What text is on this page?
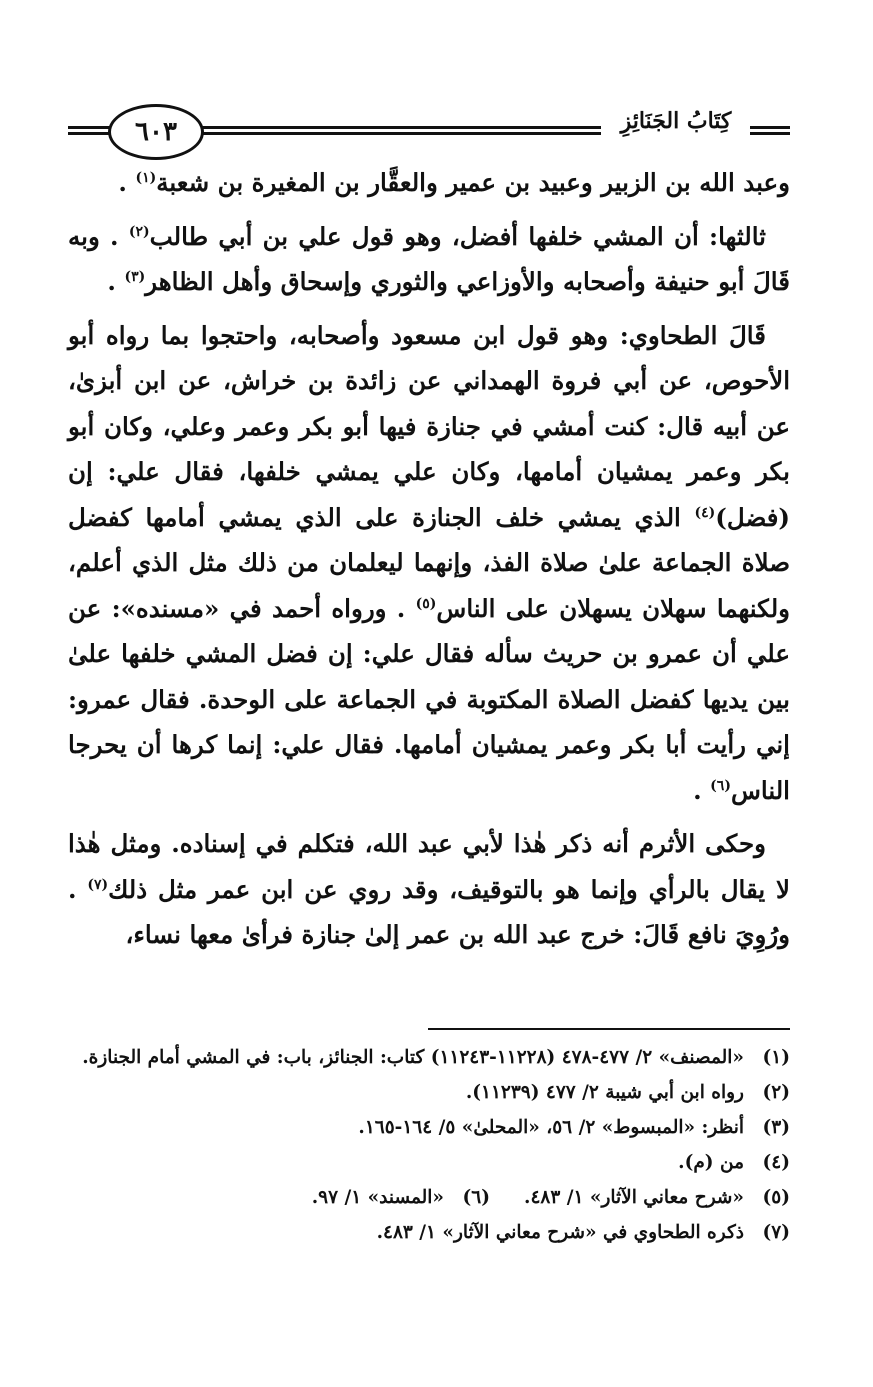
٦٠٣	كِتَابُ الجَنَائِزِ

وعبد الله بن الزبير وعبيد بن عمير والعقَّار بن المغيرة بن شعبة$^{(١)}$ .

ثالثها: أن المشي خلفها أفضل، وهو قول علي بن أبي طالب$^{(٢)}$ . وبه قَالَ أبو حنيفة وأصحابه والأوزاعي والثوري وإسحاق وأهل الظاهر$^{(٣)}$ .

قَالَ الطحاوي: وهو قول ابن مسعود وأصحابه، واحتجوا بما رواه أبو الأحوص، عن أبي فروة الهمداني عن زائدة بن خراش، عن ابن أبزىٰ، عن أبيه قال: كنت أمشي في جنازة فيها أبو بكر وعمر وعلي، وكان أبو بكر وعمر يمشيان أمامها، وكان علي يمشي خلفها، فقال علي: إن (فضل)$^{(٤)}$ الذي يمشي خلف الجنازة على الذي يمشي أمامها كفضل صلاة الجماعة علىٰ صلاة الفذ، وإنهما ليعلمان من ذلك مثل الذي أعلم، ولكنهما سهلان يسهلان على الناس$^{(٥)}$ . ورواه أحمد في «مسنده»: عن علي أن عمرو بن حريث سأله فقال علي: إن فضل المشي خلفها علىٰ بين يديها كفضل الصلاة المكتوبة في الجماعة على الوحدة. فقال عمرو: إني رأيت أبا بكر وعمر يمشيان أمامها. فقال علي: إنما كرها أن يحرجا الناس$^{(٦)}$ .

وحكى الأثرم أنه ذكر هٰذا لأبي عبد الله، فتكلم في إسناده. ومثل هٰذا لا يقال بالرأي وإنما هو بالتوقيف، وقد روي عن ابن عمر مثل ذلك$^{(٧)}$ . ورُوِيَ نافع قَالَ: خرج عبد الله بن عمر إلىٰ جنازة فرأىٰ معها نساء،

(١)
«المصنف» ٢/ ٤٧٧-٤٧٨ (١١٢٢٨-١١٢٤٣) كتاب: الجنائز، باب: في المشي أمام الجنازة.
(٢)
رواه ابن أبي شيبة ٢/ ٤٧٧ (١١٢٣٩).
(٣)
أنظر: «المبسوط» ٢/ ٥٦، «المحلىٰ» ٥/ ١٦٤-١٦٥.
(٤)
من (م).
(٥)
«شرح معاني الآثار» ١/ ٤٨٣.
(٦)
«المسند» ١/ ٩٧.
(٧)
ذكره الطحاوي في «شرح معاني الآثار» ١/ ٤٨٣.
